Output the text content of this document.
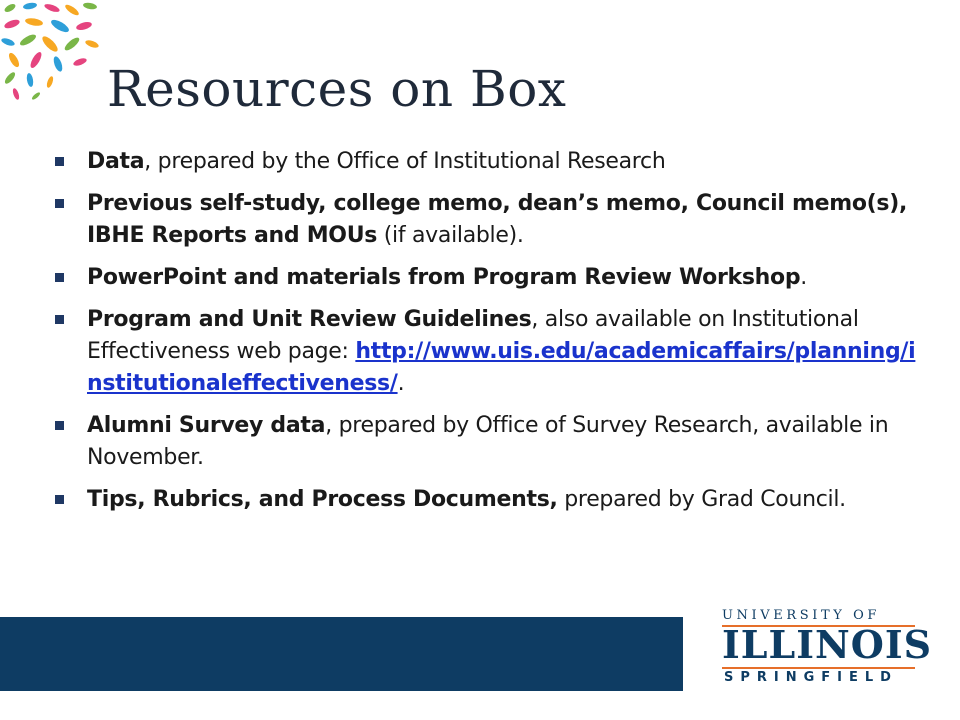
Resources on Box
Data, prepared by the Office of Institutional Research
Previous self-study, college memo, dean’s memo, Council memo(s), IBHE Reports and MOUs (if available).
PowerPoint and materials from Program Review Workshop.
Program and Unit Review Guidelines, also available on Institutional Effectiveness web page: http://www.uis.edu/academicaffairs/planning/institutionaleffectiveness/.
Alumni Survey data, prepared by Office of Survey Research, available in November.
Tips, Rubrics, and Process Documents, prepared by Grad Council.
UNIVERSITY OF
ILLINOIS
SPRINGFIELD
